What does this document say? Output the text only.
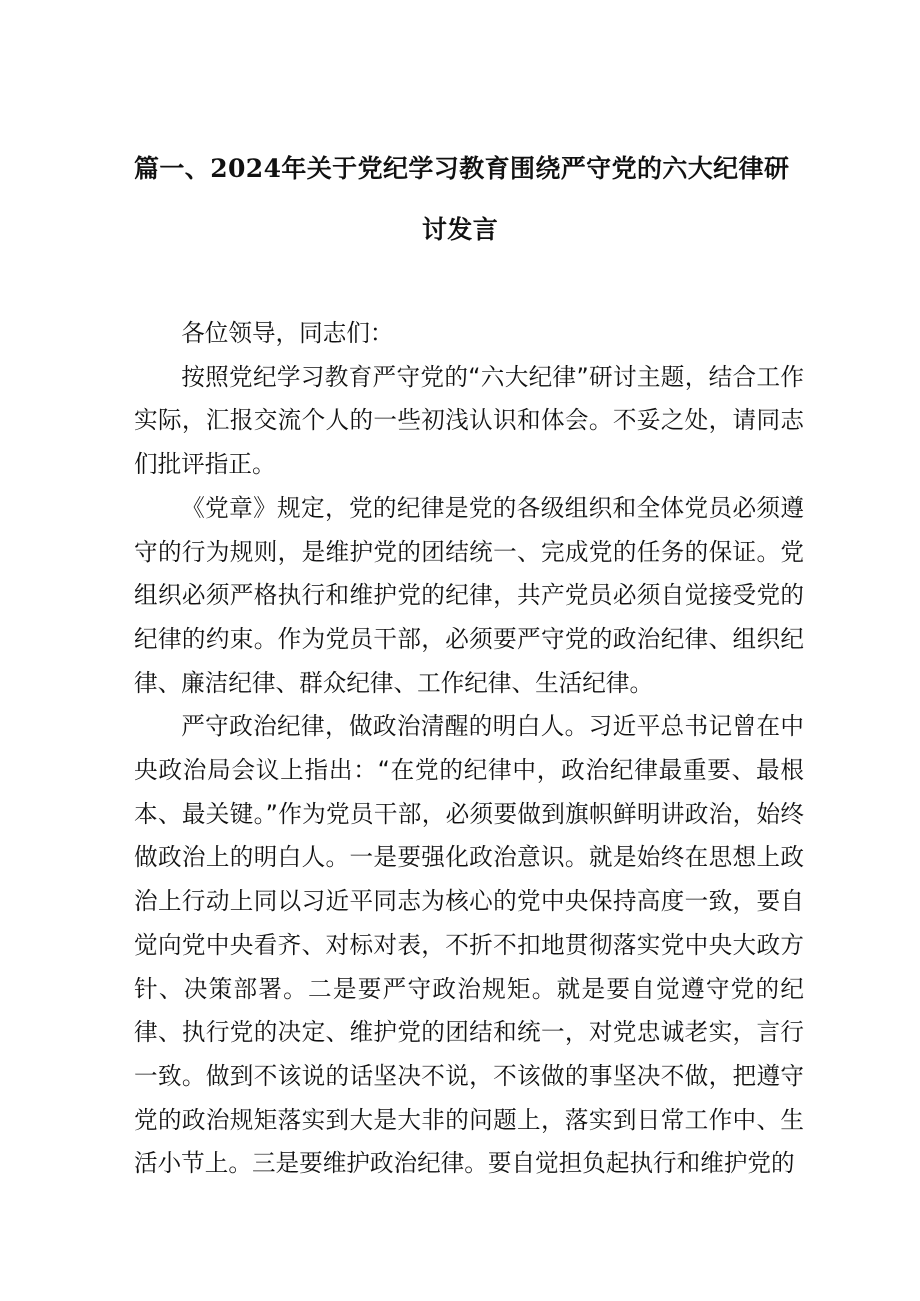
篇一、2024年关于党纪学习教育围绕严守党的六大纪律研
讨发言

各位领导，同志们：

按照党纪学习教育严守党的“六大纪律”研讨主题，结合工作实际，汇报交流个人的一些初浅认识和体会。不妥之处，请同志们批评指正。

《党章》规定，党的纪律是党的各级组织和全体党员必须遵守的行为规则，是维护党的团结统一、完成党的任务的保证。党组织必须严格执行和维护党的纪律，共产党员必须自觉接受党的纪律的约束。作为党员干部，必须要严守党的政治纪律、组织纪律、廉洁纪律、群众纪律、工作纪律、生活纪律。

严守政治纪律，做政治清醒的明白人。习近平总书记曾在中央政治局会议上指出：“在党的纪律中，政治纪律最重要、最根本、最关键。”作为党员干部，必须要做到旗帜鲜明讲政治，始终做政治上的明白人。一是要强化政治意识。就是始终在思想上政治上行动上同以习近平同志为核心的党中央保持高度一致，要自觉向党中央看齐、对标对表，不折不扣地贯彻落实党中央大政方针、决策部署。二是要严守政治规矩。就是要自觉遵守党的纪律、执行党的决定、维护党的团结和统一，对党忠诚老实，言行一致。做到不该说的话坚决不说，不该做的事坚决不做，把遵守党的政治规矩落实到大是大非的问题上，落实到日常工作中、生活小节上。三是要维护政治纪律。要自觉担负起执行和维护党的
